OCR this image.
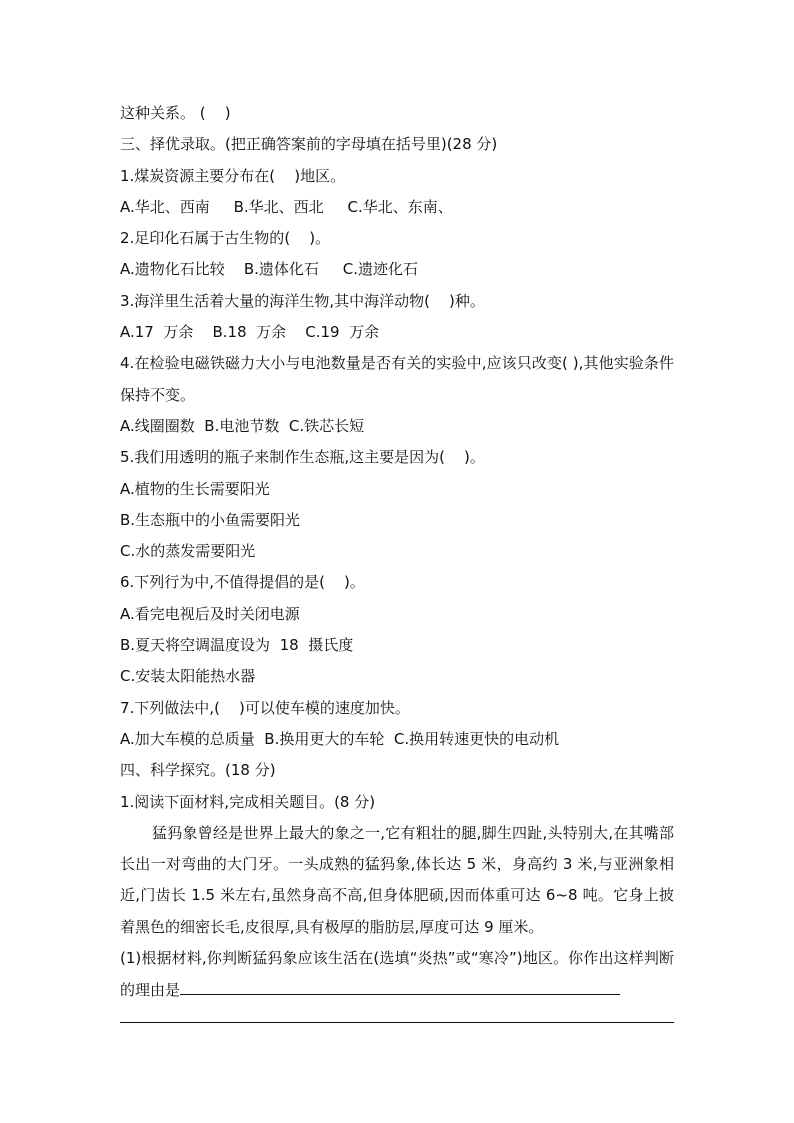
这种关系。 (    )
三、择优录取。(把正确答案前的字母填在括号里)(28 分)
1.煤炭资源主要分布在(    )地区。
A.华北、西南     B.华北、西北     C.华北、东南、
2.足印化石属于古生物的(    )。
A.遗物化石比较    B.遗体化石     C.遗迹化石
3.海洋里生活着大量的海洋生物,其中海洋动物(    )种。
A.17  万余    B.18  万余    C.19  万余
4.在检验电磁铁磁力大小与电池数量是否有关的实验中,应该只改变( ),其他实验条件保持不变。
A.线圈圈数  B.电池节数  C.铁芯长短
5.我们用透明的瓶子来制作生态瓶,这主要是因为(    )。
A.植物的生长需要阳光
B.生态瓶中的小鱼需要阳光
C.水的蒸发需要阳光
6.下列行为中,不值得提倡的是(    )。
A.看完电视后及时关闭电源
B.夏天将空调温度设为  18  摄氏度
C.安装太阳能热水器
7.下列做法中,(    )可以使车模的速度加快。
A.加大车模的总质量  B.换用更大的车轮  C.换用转速更快的电动机
四、科学探究。(18 分)
1.阅读下面材料,完成相关题目。(8 分)
猛犸象曾经是世界上最大的象之一,它有粗壮的腿,脚生四趾,头特别大,在其嘴部长出一对弯曲的大门牙。一头成熟的猛犸象,体长达 5 米，身高约 3 米,与亚洲象相近,门齿长 1.5 米左右,虽然身高不高,但身体肥硕,因而体重可达 6~8 吨。它身上披着黑色的细密长毛,皮很厚,具有极厚的脂肪层,厚度可达 9 厘米。
(1)根据材料,你判断猛犸象应该生活在(选填“炎热”或“寒冷”)地区。你作出这样判断的理由是
